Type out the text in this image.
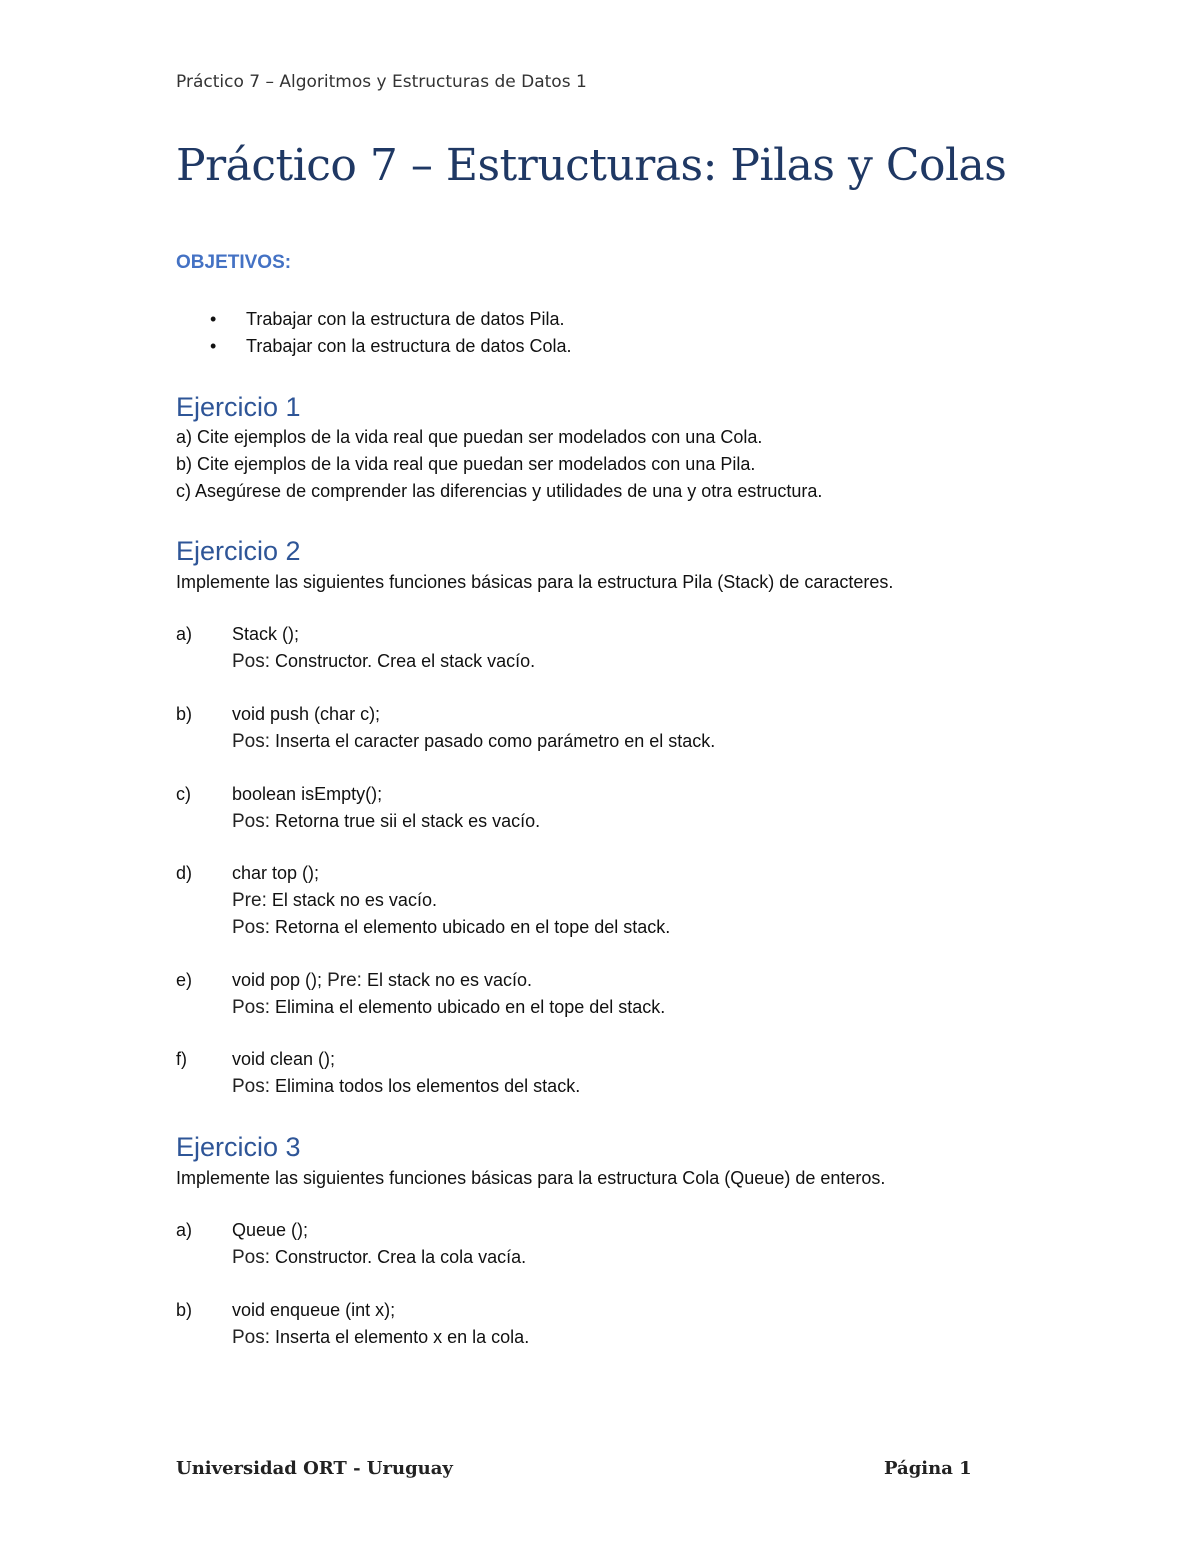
Práctico 7 – Algoritmos y Estructuras de Datos 1
Práctico 7 – Estructuras: Pilas y Colas
OBJETIVOS:
• Trabajar con la estructura de datos Pila.
• Trabajar con la estructura de datos Cola.
Ejercicio 1
a) Cite ejemplos de la vida real que puedan ser modelados con una Cola.
b) Cite ejemplos de la vida real que puedan ser modelados con una Pila.
c) Asegúrese de comprender las diferencias y utilidades de una y otra estructura.
Ejercicio 2
Implemente las siguientes funciones básicas para la estructura Pila (Stack) de caracteres.
a) Stack ();
Pos: Constructor. Crea el stack vacío.
b) void push (char c);
Pos: Inserta el caracter pasado como parámetro en el stack.
c) boolean isEmpty();
Pos: Retorna true sii el stack es vacío.
d) char top ();
Pre: El stack no es vacío.
Pos: Retorna el elemento ubicado en el tope del stack.
e) void pop (); Pre: El stack no es vacío.
Pos: Elimina el elemento ubicado en el tope del stack.
f)	void clean ();
Pos: Elimina todos los elementos del stack.
Ejercicio 3
Implemente las siguientes funciones básicas para la estructura Cola (Queue) de enteros.
a) Queue ();
Pos: Constructor. Crea la cola vacía.
b) void enqueue (int x);
Pos: Inserta el elemento x en la cola.
Universidad ORT - Uruguay	Página 1
